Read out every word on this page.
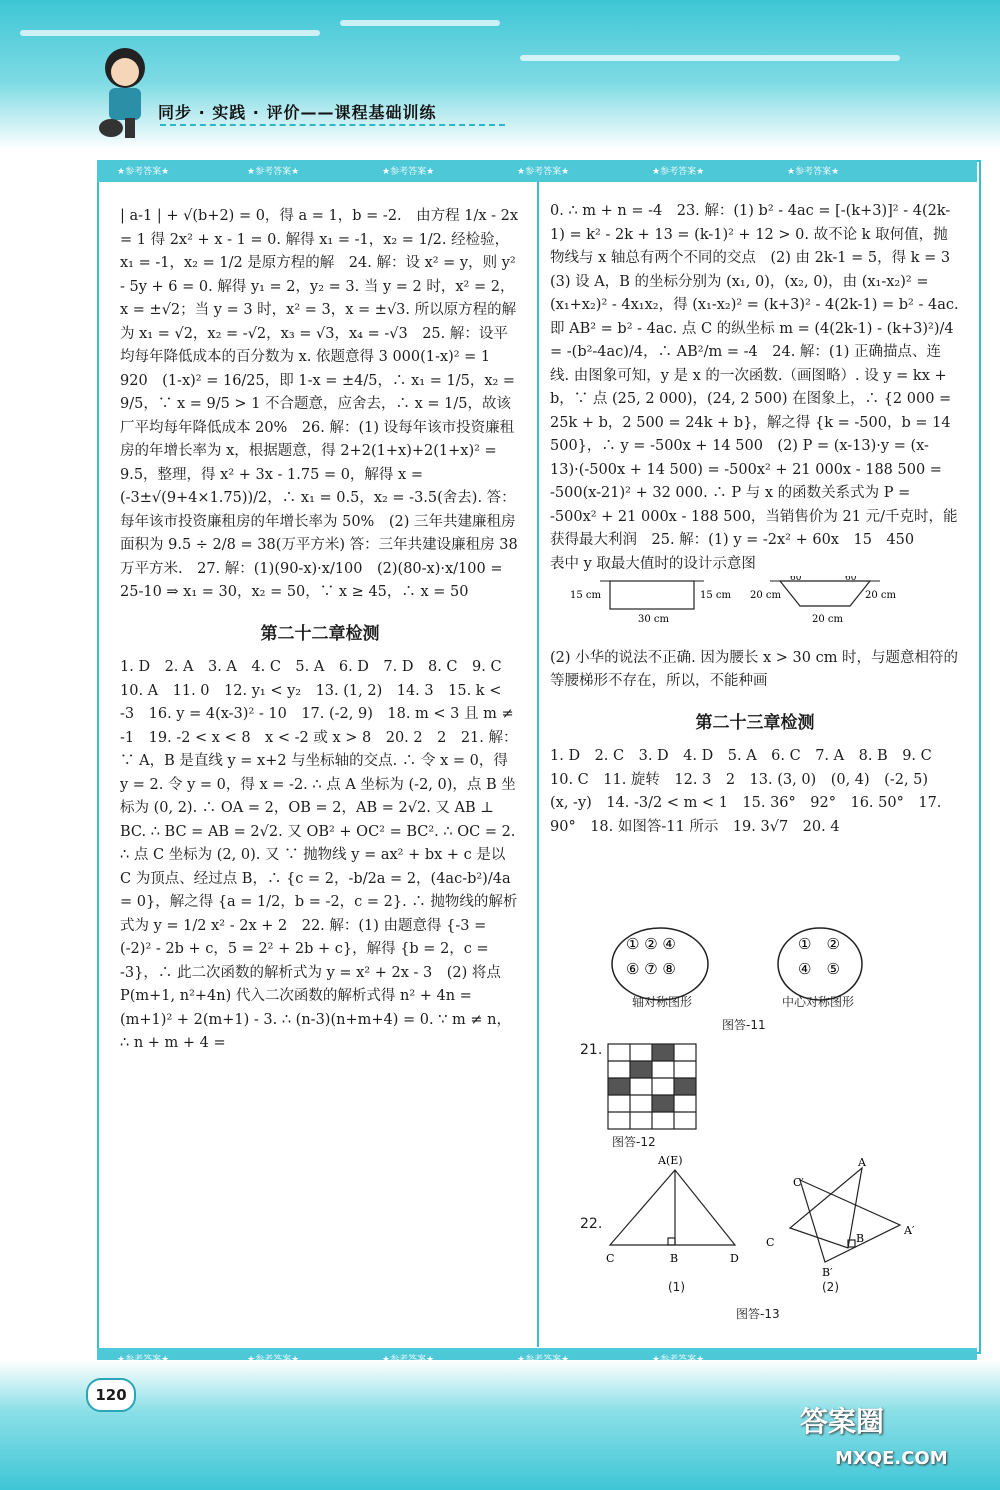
同步 · 实践 · 评价——课程基础训练
★参考答案★	★参考答案★	★参考答案★	★参考答案★	★参考答案★	★参考答案★

| a-1 | + √(b+2) = 0，得 a = 1，b = -2.　由方程 1/x - 2x = 1 得 2x² + x - 1 = 0. 解得 x₁ = -1，x₂ = 1/2. 经检验，x₁ = -1，x₂ = 1/2 是原方程的解　24. 解：设 x² = y，则 y² - 5y + 6 = 0. 解得 y₁ = 2，y₂ = 3. 当 y = 2 时，x² = 2，x = ±√2；当 y = 3 时，x² = 3，x = ±√3. 所以原方程的解为 x₁ = √2，x₂ = -√2，x₃ = √3，x₄ = -√3　25. 解：设平均每年降低成本的百分数为 x. 依题意得 3 000(1-x)² = 1 920　(1-x)² = 16/25，即 1-x = ±4/5，∴ x₁ = 1/5，x₂ = 9/5，∵ x = 9/5 > 1 不合题意，应舍去，∴ x = 1/5，故该厂平均每年降低成本 20%　26. 解：(1) 设每年该市投资廉租房的年增长率为 x，根据题意，得 2+2(1+x)+2(1+x)² = 9.5，整理，得 x² + 3x - 1.75 = 0，解得 x = (-3±√(9+4×1.75))/2，∴ x₁ = 0.5，x₂ = -3.5(舍去). 答：每年该市投资廉租房的年增长率为 50%　(2) 三年共建廉租房面积为 9.5 ÷ 2/8 = 38(万平方米) 答：三年共建设廉租房 38 万平方米.　27. 解：(1)(90-x)·x/100　(2)(80-x)·x/100 = 25-10 ⇒ x₁ = 30，x₂ = 50，∵ x ≥ 45，∴ x = 50

第二十二章检测

1. D　2. A　3. A　4. C　5. A　6. D　7. D　8. C　9. C　10. A　11. 0　12. y₁ < y₂　13. (1, 2)　14. 3　15. k < -3　16. y = 4(x-3)² - 10　17. (-2, 9)　18. m < 3 且 m ≠ -1　19. -2 < x < 8　x < -2 或 x > 8　20. 2　2　21. 解：∵ A，B 是直线 y = x+2 与坐标轴的交点. ∴ 令 x = 0，得 y = 2. 令 y = 0，得 x = -2. ∴ 点 A 坐标为 (-2, 0)，点 B 坐标为 (0, 2). ∴ OA = 2，OB = 2，AB = 2√2. 又 AB ⊥ BC. ∴ BC = AB = 2√2. 又 OB² + OC² = BC². ∴ OC = 2. ∴ 点 C 坐标为 (2, 0). 又 ∵ 抛物线 y = ax² + bx + c 是以 C 为顶点、经过点 B，∴ {c = 2，-b/2a = 2，(4ac-b²)/4a = 0}，解之得 {a = 1/2，b = -2，c = 2}. ∴ 抛物线的解析式为 y = 1/2 x² - 2x + 2　22. 解：(1) 由题意得 {-3 = (-2)² - 2b + c，5 = 2² + 2b + c}，解得 {b = 2，c = -3}，∴ 此二次函数的解析式为 y = x² + 2x - 3　(2) 将点 P(m+1, n²+4n) 代入二次函数的解析式得 n² + 4n = (m+1)² + 2(m+1) - 3. ∴ (n-3)(n+m+4) = 0. ∵ m ≠ n，∴ n + m + 4 =

0. ∴ m + n = -4　23. 解：(1) b² - 4ac = [-(k+3)]² - 4(2k-1) = k² - 2k + 13 = (k-1)² + 12 > 0. 故不论 k 取何值，抛物线与 x 轴总有两个不同的交点　(2) 由 2k-1 = 5，得 k = 3　(3) 设 A，B 的坐标分别为 (x₁, 0)，(x₂, 0)，由 (x₁-x₂)² = (x₁+x₂)² - 4x₁x₂，得 (x₁-x₂)² = (k+3)² - 4(2k-1) = b² - 4ac. 即 AB² = b² - 4ac. 点 C 的纵坐标 m = (4(2k-1) - (k+3)²)/4 = -(b²-4ac)/4，∴ AB²/m = -4　24. 解：(1) 正确描点、连线. 由图象可知，y 是 x 的一次函数.（画图略）. 设 y = kx + b，∵ 点 (25, 2 000)，(24, 2 500) 在图象上，∴ {2 000 = 25k + b，2 500 = 24k + b}，解之得 {k = -500，b = 14 500}，∴ y = -500x + 14 500　(2) P = (x-13)·y = (x-13)·(-500x + 14 500) = -500x² + 21 000x - 188 500 = -500(x-21)² + 32 000. ∴ P 与 x 的函数关系式为 P = -500x² + 21 000x - 188 500，当销售价为 21 元/千克时，能获得最大利润　25. 解：(1) y = -2x² + 60x　15　450

表中 y 取最大值时的设计示意图

15 cm	15 cm
30 cm
60°	60°
20 cm	20 cm
20 cm

(2) 小华的说法不正确. 因为腰长 x > 30 cm 时，与题意相符的等腰梯形不存在，所以，不能种画

第二十三章检测

1. D　2. C　3. D　4. D　5. A　6. C　7. A　8. B　9. C　10. C　11. 旋转　12. 3　2　13. (3, 0)　(0, 4)　(-2, 5)　(x, -y)　14. -3/2 < m < 1　15. 36°　92°　16. 50°　17. 90°　18. 如图答-11 所示　19. 3√7　20. 4

① ② ④
⑥ ⑦ ⑧
①　②
④　⑤
轴对称图形	中心对称图形
图答-11
21.
图答-12
22.
A(E)
C	B	D
A
C′
C	B
A′
B′
(1)	(2)
图答-13
120
答案圈
MXQE.COM
